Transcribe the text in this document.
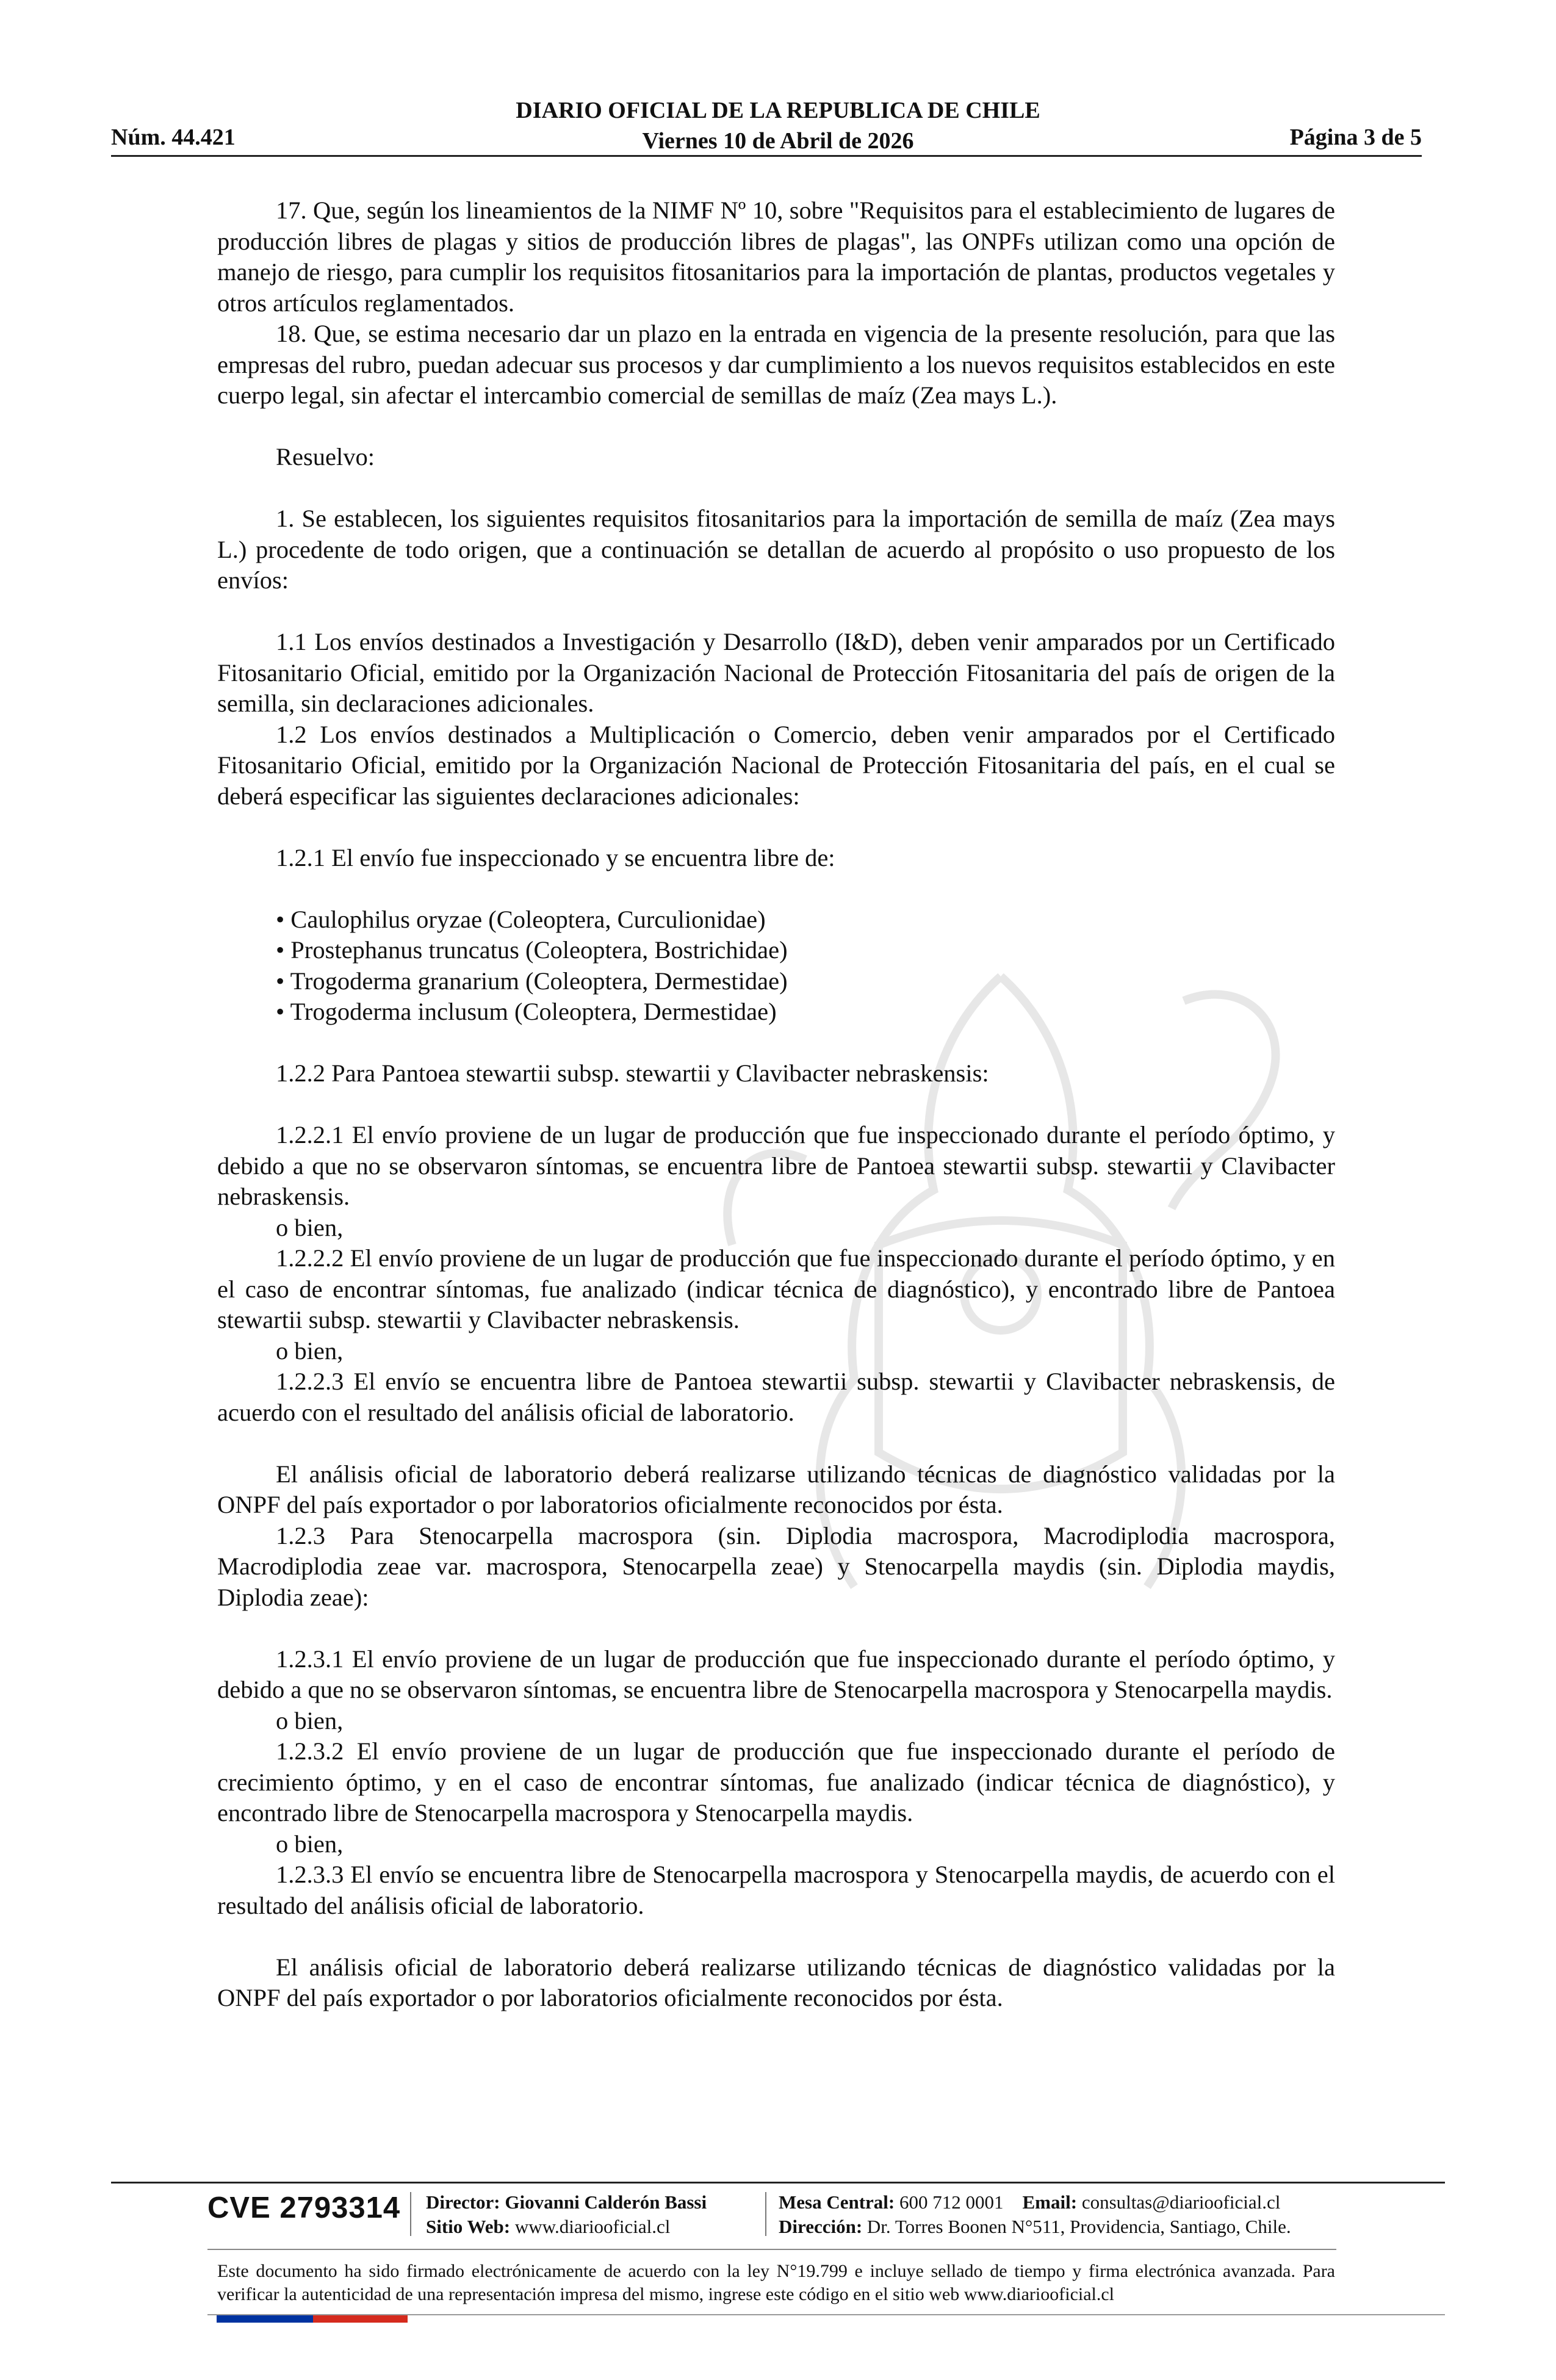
DIARIO OFICIAL DE LA REPUBLICA DE CHILE
Viernes 10 de Abril de 2026
Núm. 44.421	Página 3 de 5

17. Que, según los lineamientos de la NIMF Nº 10, sobre "Requisitos para el establecimiento de lugares de producción libres de plagas y sitios de producción libres de plagas", las ONPFs utilizan como una opción de manejo de riesgo, para cumplir los requisitos fitosanitarios para la importación de plantas, productos vegetales y otros artículos reglamentados.

18. Que, se estima necesario dar un plazo en la entrada en vigencia de la presente resolución, para que las empresas del rubro, puedan adecuar sus procesos y dar cumplimiento a los nuevos requisitos establecidos en este cuerpo legal, sin afectar el intercambio comercial de semillas de maíz (Zea mays L.).

Resuelvo:

1. Se establecen, los siguientes requisitos fitosanitarios para la importación de semilla de maíz (Zea mays L.) procedente de todo origen, que a continuación se detallan de acuerdo al propósito o uso propuesto de los envíos:

1.1 Los envíos destinados a Investigación y Desarrollo (I&D), deben venir amparados por un Certificado Fitosanitario Oficial, emitido por la Organización Nacional de Protección Fitosanitaria del país de origen de la semilla, sin declaraciones adicionales.

1.2 Los envíos destinados a Multiplicación o Comercio, deben venir amparados por el Certificado Fitosanitario Oficial, emitido por la Organización Nacional de Protección Fitosanitaria del país, en el cual se deberá especificar las siguientes declaraciones adicionales:

1.2.1 El envío fue inspeccionado y se encuentra libre de:

• Caulophilus oryzae (Coleoptera, Curculionidae)

• Prostephanus truncatus (Coleoptera, Bostrichidae)

• Trogoderma granarium (Coleoptera, Dermestidae)

• Trogoderma inclusum (Coleoptera, Dermestidae)

1.2.2 Para Pantoea stewartii subsp. stewartii y Clavibacter nebraskensis:

1.2.2.1 El envío proviene de un lugar de producción que fue inspeccionado durante el período óptimo, y debido a que no se observaron síntomas, se encuentra libre de Pantoea stewartii subsp. stewartii y Clavibacter nebraskensis.

o bien,

1.2.2.2 El envío proviene de un lugar de producción que fue inspeccionado durante el período óptimo, y en el caso de encontrar síntomas, fue analizado (indicar técnica de diagnóstico), y encontrado libre de Pantoea stewartii subsp. stewartii y Clavibacter nebraskensis.

o bien,

1.2.2.3 El envío se encuentra libre de Pantoea stewartii subsp. stewartii y Clavibacter nebraskensis, de acuerdo con el resultado del análisis oficial de laboratorio.

El análisis oficial de laboratorio deberá realizarse utilizando técnicas de diagnóstico validadas por la ONPF del país exportador o por laboratorios oficialmente reconocidos por ésta.

1.2.3 Para Stenocarpella macrospora (sin. Diplodia macrospora, Macrodiplodia macrospora, Macrodiplodia zeae var. macrospora, Stenocarpella zeae) y Stenocarpella maydis (sin. Diplodia maydis, Diplodia zeae):

1.2.3.1 El envío proviene de un lugar de producción que fue inspeccionado durante el período óptimo, y debido a que no se observaron síntomas, se encuentra libre de Stenocarpella macrospora y Stenocarpella maydis.

o bien,

1.2.3.2 El envío proviene de un lugar de producción que fue inspeccionado durante el período de crecimiento óptimo, y en el caso de encontrar síntomas, fue analizado (indicar técnica de diagnóstico), y encontrado libre de Stenocarpella macrospora y Stenocarpella maydis.

o bien,

1.2.3.3 El envío se encuentra libre de Stenocarpella macrospora y Stenocarpella maydis, de acuerdo con el resultado del análisis oficial de laboratorio.

El análisis oficial de laboratorio deberá realizarse utilizando técnicas de diagnóstico validadas por la ONPF del país exportador o por laboratorios oficialmente reconocidos por ésta.

CVE 2793314 Director: Giovanni Calderón Bassi
Sitio Web: www.diariooficial.cl
Mesa Central: 600 712 0001 Email: consultas@diariooficial.cl
Dirección: Dr. Torres Boonen N°511, Providencia, Santiago, Chile.
Este documento ha sido firmado electrónicamente de acuerdo con la ley N°19.799 e incluye sellado de tiempo y firma electrónica avanzada. Para verificar la autenticidad de una representación impresa del mismo, ingrese este código en el sitio web www.diariooficial.cl
